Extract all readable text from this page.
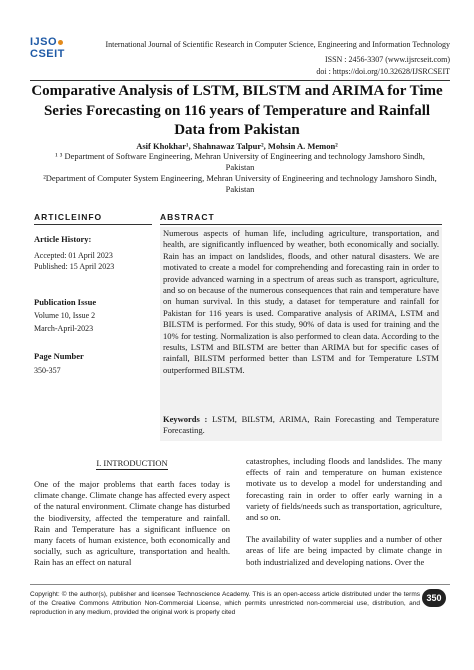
IJSO
CSEIT
International Journal of Scientific Research in Computer Science, Engineering and Information Technology
ISSN : 2456-3307 (www.ijsrcseit.com)
doi : https://doi.org/10.32628/IJSRCSEIT
Comparative Analysis of LSTM, BILSTM and ARIMA for Time Series Forecasting on 116 years of Temperature and Rainfall Data from Pakistan
Asif Khokhar¹, Shahnawaz Talpur², Mohsin A. Memon²
¹ ³ Department of Software Engineering, Mehran University of Engineering and technology Jamshoro Sindh, Pakistan
²Department of Computer System Engineering, Mehran University of Engineering and technology Jamshoro Sindh, Pakistan
ARTICLEINFO	ABSTRACT
Article History:
Accepted: 01 April 2023
Published: 15 April 2023
Publication Issue
Volume 10, Issue 2
March-April-2023
Page Number
350-357
Numerous aspects of human life, including agriculture, transportation, and health, are significantly influenced by weather, both economically and socially. Rain has an impact on landslides, floods, and other natural disasters. We are motivated to create a model for comprehending and forecasting rain in order to provide advanced warning in a spectrum of areas such as transport, agriculture, and so on because of the numerous consequences that rain and temperature have on human survival. In this study, a dataset for temperature and rainfall for Pakistan for 116 years is used. Comparative analysis of ARIMA, LSTM and BILSTM is performed. For this study, 90% of data is used for training and the 10% for testing. Normalization is also performed to clean data. According to the results, LSTM and BILSTM are better than ARIMA but for specific cases of rainfall, BILSTM performed better than LSTM and for Temperature LSTM outperformed BILSTM.
Keywords : LSTM, BILSTM, ARIMA, Rain Forecasting and Temperature Forecasting.
I. INTRODUCTION
One of the major problems that earth faces today is climate change. Climate change has affected every aspect of the natural environment. Climate change has disturbed the biodiversity, affected the temperature and rainfall. Rain and Temperature has a significant influence on many facets of human existence, both economically and socially, such as agriculture, transportation and health. Rain has an effect on natural

catastrophes, including floods and landslides. The many effects of rain and temperature on human existence motivate us to develop a model for understanding and forecasting rain in order to offer early warning in a variety of fields/needs such as transportation, agriculture, and so on.

The availability of water supplies and a number of other areas of life are being impacted by climate change in both industrialized and developing nations. Over the

Copyright: © the author(s), publisher and licensee Technoscience Academy. This is an open-access article distributed under the terms of the Creative Commons Attribution Non-Commercial License, which permits unrestricted non-commercial use, distribution, and reproduction in any medium, provided the original work is properly cited
350
